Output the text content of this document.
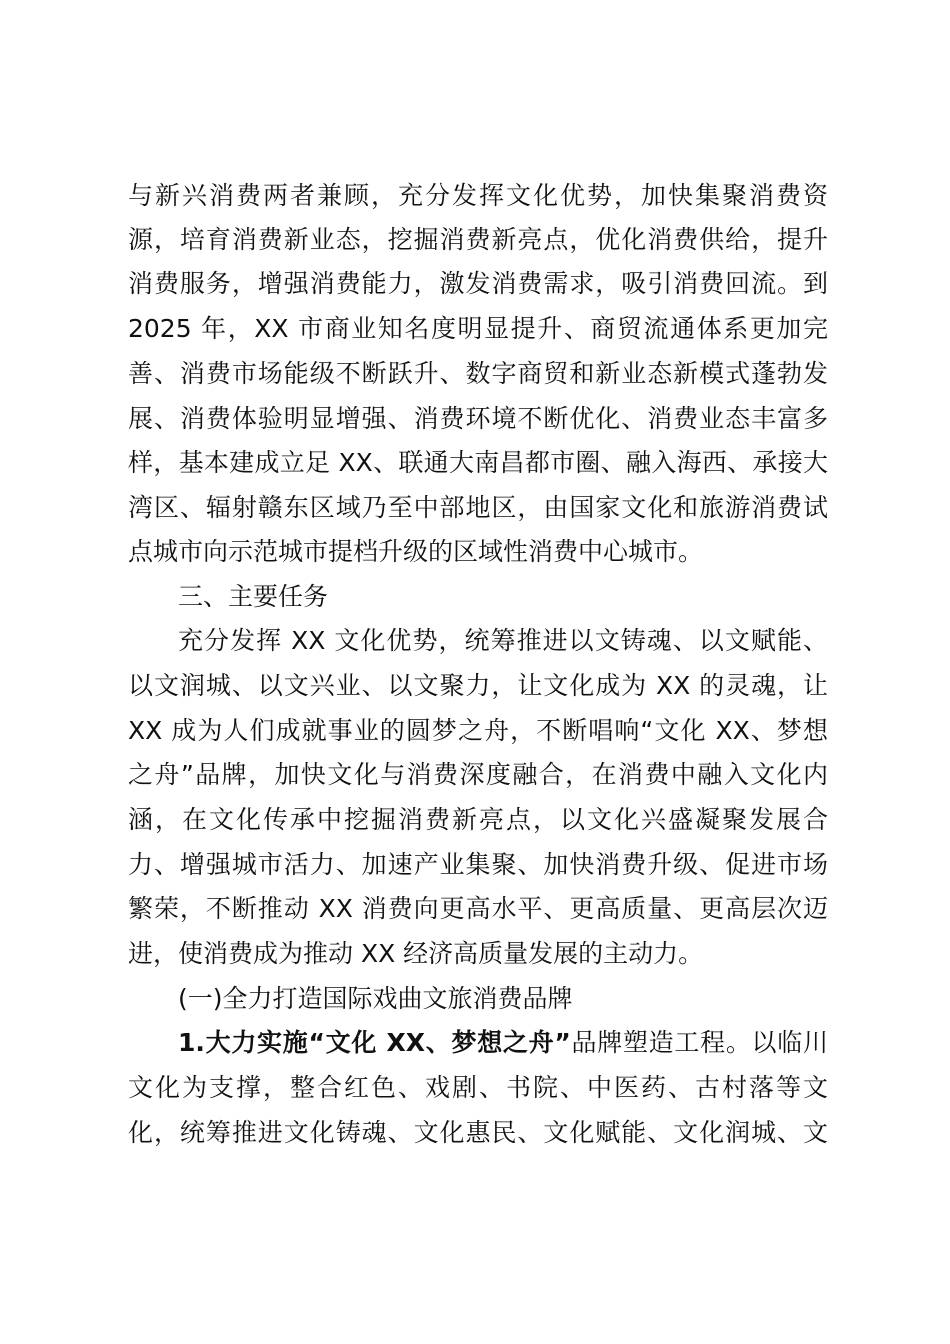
与新兴消费两者兼顾，充分发挥文化优势，加快集聚消费资
源，培育消费新业态，挖掘消费新亮点，优化消费供给，提升
消费服务，增强消费能力，激发消费需求，吸引消费回流。到
2025 年，XX 市商业知名度明显提升、商贸流通体系更加完
善、消费市场能级不断跃升、数字商贸和新业态新模式蓬勃发
展、消费体验明显增强、消费环境不断优化、消费业态丰富多
样，基本建成立足 XX、联通大南昌都市圈、融入海西、承接大
湾区、辐射赣东区域乃至中部地区，由国家文化和旅游消费试
点城市向示范城市提档升级的区域性消费中心城市。
三、主要任务
充分发挥 XX 文化优势，统筹推进以文铸魂、以文赋能、
以文润城、以文兴业、以文聚力，让文化成为 XX 的灵魂，让
XX 成为人们成就事业的圆梦之舟，不断唱响“文化 XX、梦想
之舟”品牌，加快文化与消费深度融合，在消费中融入文化内
涵，在文化传承中挖掘消费新亮点，以文化兴盛凝聚发展合
力、增强城市活力、加速产业集聚、加快消费升级、促进市场
繁荣，不断推动 XX 消费向更高水平、更高质量、更高层次迈
进，使消费成为推动 XX 经济高质量发展的主动力。
(一)全力打造国际戏曲文旅消费品牌
1.大力实施“文化 XX、梦想之舟”品牌塑造工程。以临川
文化为支撑，整合红色、戏剧、书院、中医药、古村落等文
化，统筹推进文化铸魂、文化惠民、文化赋能、文化润城、文
